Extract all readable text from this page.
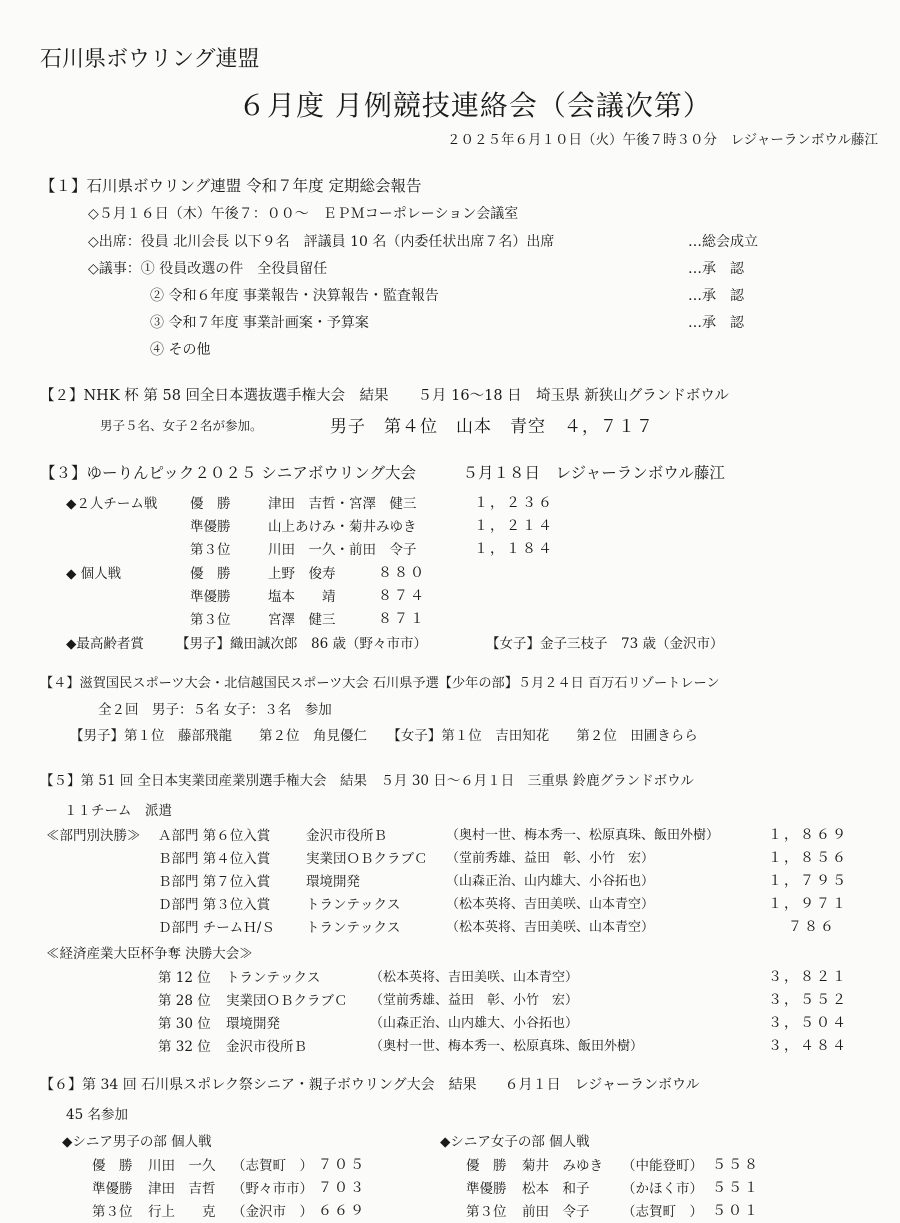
石川県ボウリング連盟
６月度 月例競技連絡会（会議次第）
２０２５年６月１０日（火）午後７時３０分　レジャーランボウル藤江
【１】石川県ボウリング連盟 令和７年度 定期総会報告
◇５月１６日（木）午後７：００～　ＥＰＭコーポレーション会議室
◇出席：役員 北川会長 以下９名　評議員 10 名（内委任状出席７名）出席	…総会成立
◇議事：① 役員改選の件　全役員留任	…承　認
② 令和６年度 事業報告・決算報告・監査報告	…承　認
③ 令和７年度 事業計画案・予算案	…承　認
④ その他
【２】NHK 杯 第 58 回全日本選抜選手権大会　結果　　５月 16～18 日　埼玉県 新狭山グランドボウル
男子５名、女子２名が参加。	男子　第４位　山本　青空　４，７１７
【３】ゆーりんピック２０２５ シニアボウリング大会　　　５月１８日　レジャーランボウル藤江
◆２人チーム戦 優　勝	津田　吉哲・宮澤　健三	１，２３６
準優勝	山上あけみ・菊井みゆき	１，２１４
第３位	川田　一久・前田　令子	１，１８４
◆ 個人戦	優　勝	上野　俊寿	８８０
準優勝	塩本　　靖	８７４
第３位	宮澤　健三	８７１
◆最高齢者賞 【男子】織田誠次郎　86 歳（野々市市）	【女子】金子三枝子　73 歳（金沢市）
【４】滋賀国民スポーツ大会・北信越国民スポーツ大会 石川県予選【少年の部】５月２４日 百万石リゾートレーン
全２回　男子：５名 女子：３名　参加
【男子】第１位　藤部飛龍　　第２位　角見優仁　　【女子】第１位　吉田知花　　第２位　田圃きらら
【５】第 51 回 全日本実業団産業別選手権大会　結果　５月 30 日～６月１日　三重県 鈴鹿グランドボウル
１１チーム　派遣
≪部門別決勝≫ Ａ部門 第６位入賞	金沢市役所Ｂ	（奥村一世、梅本秀一、松原真珠、飯田外樹）	１，８６９
Ｂ部門 第４位入賞	実業団ＯＢクラブＣ （堂前秀雄、益田　彰、小竹　宏）	１，８５６
Ｂ部門 第７位入賞	環境開発	（山森正治、山内雄大、小谷拓也）	１，７９５
Ｄ部門 第３位入賞	トランテックス	（松本英将、吉田美咲、山本青空）	１，９７１
Ｄ部門 チームＨ/Ｓ トランテックス	（松本英将、吉田美咲、山本青空）	７８６
≪経済産業大臣杯争奪 決勝大会≫
第 12 位 トランテックス	（松本英将、吉田美咲、山本青空）	３，８２１
第 28 位 実業団ＯＢクラブＣ （堂前秀雄、益田　彰、小竹　宏）	３，５５２
第 30 位 環境開発	（山森正治、山内雄大、小谷拓也）	３，５０４
第 32 位 金沢市役所Ｂ	（奥村一世、梅本秀一、松原真珠、飯田外樹）	３，４８４
【６】第 34 回 石川県スポレク祭シニア・親子ボウリング大会　結果　　６月１日　レジャーランボウル
45 名参加
◆シニア男子の部 個人戦	◆シニア女子の部 個人戦
優　勝 川田　一久 （志賀町　） ７０５
準優勝 津田　吉哲 （野々市市） ７０３
第３位 行上　　克 （金沢市　） ６６９
優　勝 菊井　みゆき （中能登町） ５５８
準優勝 松本　和子 （かほく市） ５５１
第３位 前田　令子 （志賀町　） ５０１
